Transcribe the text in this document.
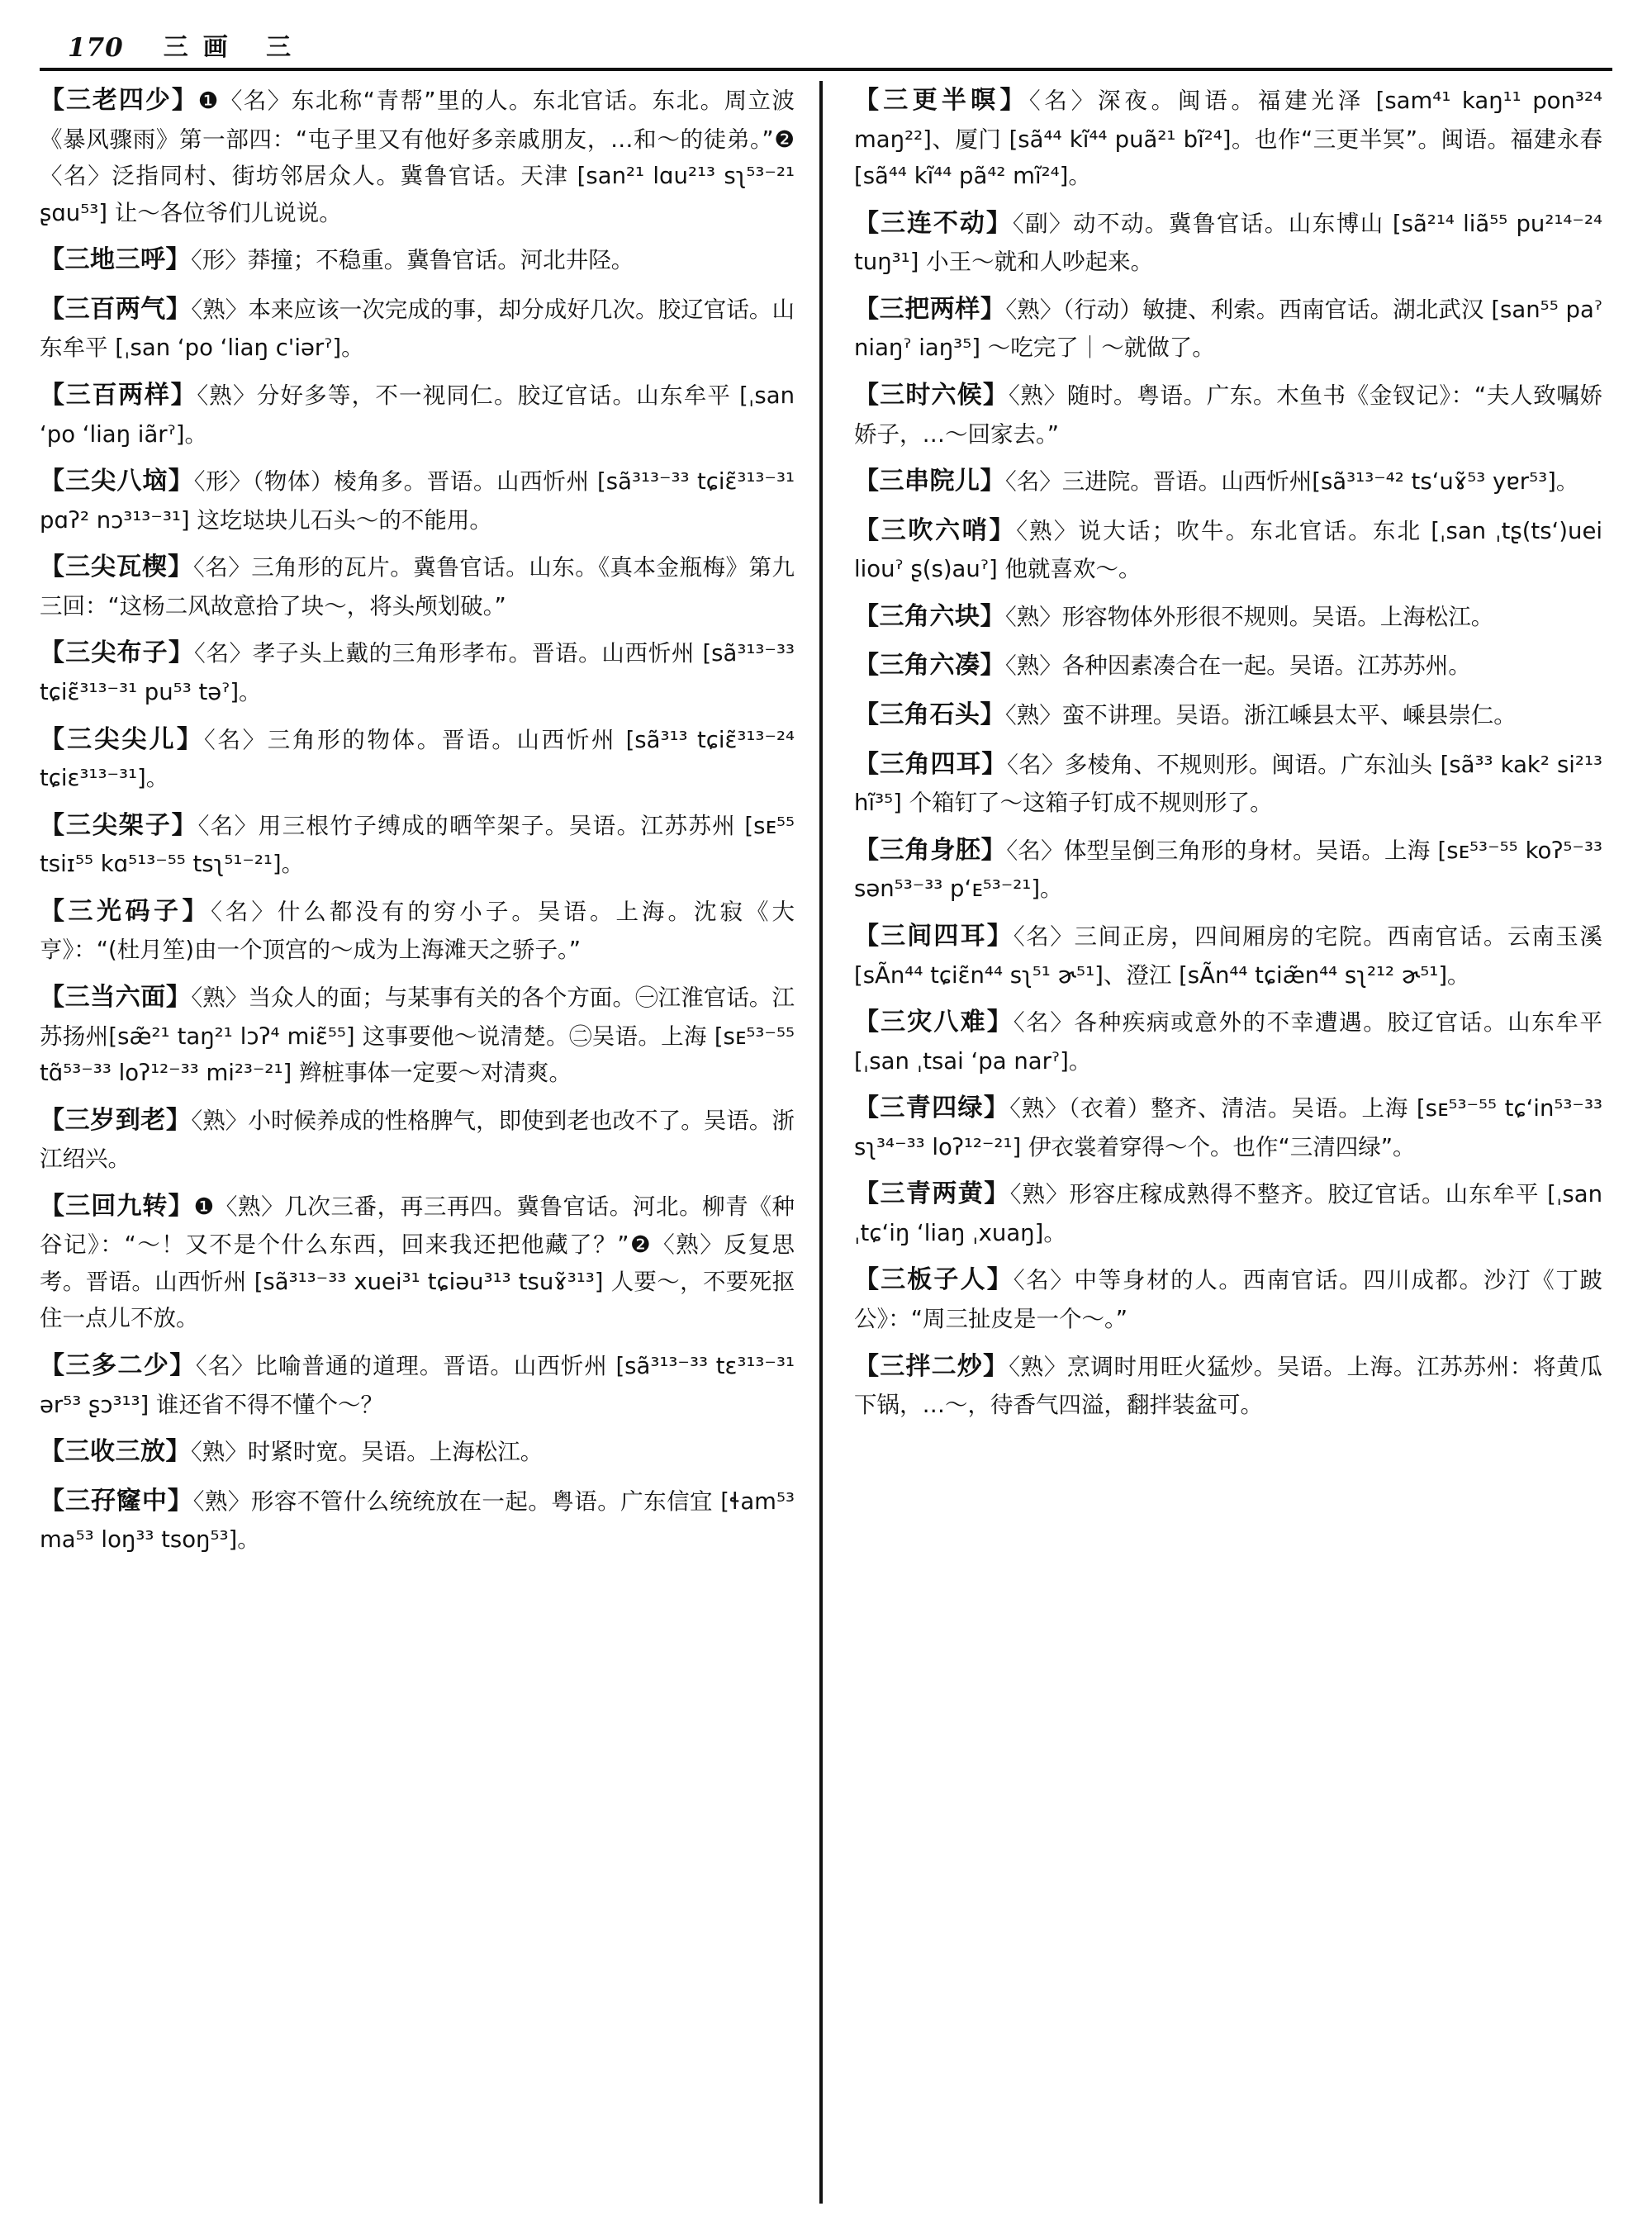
170 三画 三
【三老四少】❶〈名〉东北称“青帮”里的人。东北官话。东北。周立波《暴风骤雨》第一部四：“屯子里又有他好多亲戚朋友，…和～的徒弟。”❷〈名〉泛指同村、街坊邻居众人。冀鲁官话。天津 [san²¹ lɑu²¹³ sʅ⁵³⁻²¹ ʂɑu⁵³] 让～各位爷们儿说说。
【三地三呼】〈形〉莽撞；不稳重。冀鲁官话。河北井陉。
【三百两气】〈熟〉本来应该一次完成的事，却分成好几次。胶辽官话。山东牟平 [ˌsan ʻpo ʻliaŋ c'iərˀ]。
【三百两样】〈熟〉分好多等，不一视同仁。胶辽官话。山东牟平 [ˌsan ʻpo ʻliaŋ iãrˀ]。
【三尖八垴】〈形〉（物体）棱角多。晋语。山西忻州 [sã³¹³⁻³³ tɕiɛ̃³¹³⁻³¹ pɑʔ² nɔ³¹³⁻³¹] 这圪垯块儿石头～的不能用。
【三尖瓦楔】〈名〉三角形的瓦片。冀鲁官话。山东。《真本金瓶梅》第九三回：“这杨二风故意拾了块～，将头颅划破。”
【三尖布子】〈名〉孝子头上戴的三角形孝布。晋语。山西忻州 [sã³¹³⁻³³ tɕiɛ̃³¹³⁻³¹ pu⁵³ təˀ]。
【三尖尖儿】〈名〉三角形的物体。晋语。山西忻州 [sã³¹³ tɕiɛ̃³¹³⁻²⁴ tɕiɛ³¹³⁻³¹]。
【三尖架子】〈名〉用三根竹子缚成的晒竿架子。吴语。江苏苏州 [sᴇ⁵⁵ tsiɪ⁵⁵ kɑ⁵¹³⁻⁵⁵ tsʅ⁵¹⁻²¹]。
【三光码子】〈名〉什么都没有的穷小子。吴语。上海。沈寂《大亨》：“(杜月笙)由一个顶宫的～成为上海滩天之骄子。”
【三当六面】〈熟〉当众人的面；与某事有关的各个方面。㊀江淮官话。江苏扬州[sæ̃²¹ taŋ²¹ lɔʔ⁴ miɛ̃⁵⁵] 这事要他～说清楚。㊁吴语。上海 [sᴇ⁵³⁻⁵⁵ tɑ̃⁵³⁻³³ loʔ¹²⁻³³ mi²³⁻²¹] 辫桩事体一定要～对清爽。
【三岁到老】〈熟〉小时候养成的性格脾气，即使到老也改不了。吴语。浙江绍兴。
【三回九转】❶〈熟〉几次三番，再三再四。冀鲁官话。河北。柳青《种谷记》：“～！又不是个什么东西，回来我还把他藏了？”❷〈熟〉反复思考。晋语。山西忻州 [sã³¹³⁻³³ xuei³¹ tɕiəu³¹³ tsuɤ̃³¹³] 人要～，不要死抠住一点儿不放。
【三多二少】〈名〉比喻普通的道理。晋语。山西忻州 [sã³¹³⁻³³ tɛ³¹³⁻³¹ ər⁵³ ʂɔ³¹³] 谁还省不得不懂个～？
【三收三放】〈熟〉时紧时宽。吴语。上海松江。
【三孖窿中】〈熟〉形容不管什么统统放在一起。粤语。广东信宜 [ɬam⁵³ ma⁵³ loŋ³³ tsoŋ⁵³]。
【三更半暝】〈名〉深夜。闽语。福建光泽 [sam⁴¹ kaŋ¹¹ pon³²⁴ maŋ²²]、厦门 [sã⁴⁴ kĩ⁴⁴ puã²¹ bĩ²⁴]。也作“三更半冥”。闽语。福建永春 [sã⁴⁴ kĩ⁴⁴ pã⁴² mĩ²⁴]。
【三连不动】〈副〉动不动。冀鲁官话。山东博山 [sã²¹⁴ liã⁵⁵ pu²¹⁴⁻²⁴ tuŋ³¹] 小王～就和人吵起来。
【三把两样】〈熟〉（行动）敏捷、利索。西南官话。湖北武汉 [san⁵⁵ paˀ niaŋˀ iaŋ³⁵] ～吃完了｜～就做了。
【三时六候】〈熟〉随时。粤语。广东。木鱼书《金钗记》：“夫人致嘱娇娇子，…～回家去。”
【三串院儿】〈名〉三进院。晋语。山西忻州[sã³¹³⁻⁴² tsʻuɤ̃⁵³ yɐr⁵³]。
【三吹六哨】〈熟〉说大话；吹牛。东北官话。东北 [ˌsan ˌtʂ(tsʻ)uei liouˀ ʂ(s)auˀ] 他就喜欢～。
【三角六块】〈熟〉形容物体外形很不规则。吴语。上海松江。
【三角六凑】〈熟〉各种因素凑合在一起。吴语。江苏苏州。
【三角石头】〈熟〉蛮不讲理。吴语。浙江嵊县太平、嵊县崇仁。
【三角四耳】〈名〉多棱角、不规则形。闽语。广东汕头 [sã³³ kak² si²¹³ hĩ³⁵] 个箱钉了～这箱子钉成不规则形了。
【三角身胚】〈名〉体型呈倒三角形的身材。吴语。上海 [sᴇ⁵³⁻⁵⁵ koʔ⁵⁻³³ sən⁵³⁻³³ pʻᴇ⁵³⁻²¹]。
【三间四耳】〈名〉三间正房，四间厢房的宅院。西南官话。云南玉溪 [sÃn⁴⁴ tɕiɛ̃n⁴⁴ sʅ⁵¹ ɚ⁵¹]、澄江 [sÃn⁴⁴ tɕiæ̃n⁴⁴ sʅ²¹² ɚ⁵¹]。
【三灾八难】〈名〉各种疾病或意外的不幸遭遇。胶辽官话。山东牟平 [ˌsan ˌtsai ʻpa narˀ]。
【三青四绿】〈熟〉（衣着）整齐、清洁。吴语。上海 [sᴇ⁵³⁻⁵⁵ tɕʻin⁵³⁻³³ sʅ³⁴⁻³³ loʔ¹²⁻²¹] 伊衣裳着穿得～个。也作“三清四绿”。
【三青两黄】〈熟〉形容庄稼成熟得不整齐。胶辽官话。山东牟平 [ˌsan ˌtɕʻiŋ ʻliaŋ ˌxuaŋ]。
【三板子人】〈名〉中等身材的人。西南官话。四川成都。沙汀《丁跛公》：“周三扯皮是一个～。”
【三拌二炒】〈熟〉烹调时用旺火猛炒。吴语。上海。江苏苏州：将黄瓜下锅，…～，待香气四溢，翻拌装盆可。
